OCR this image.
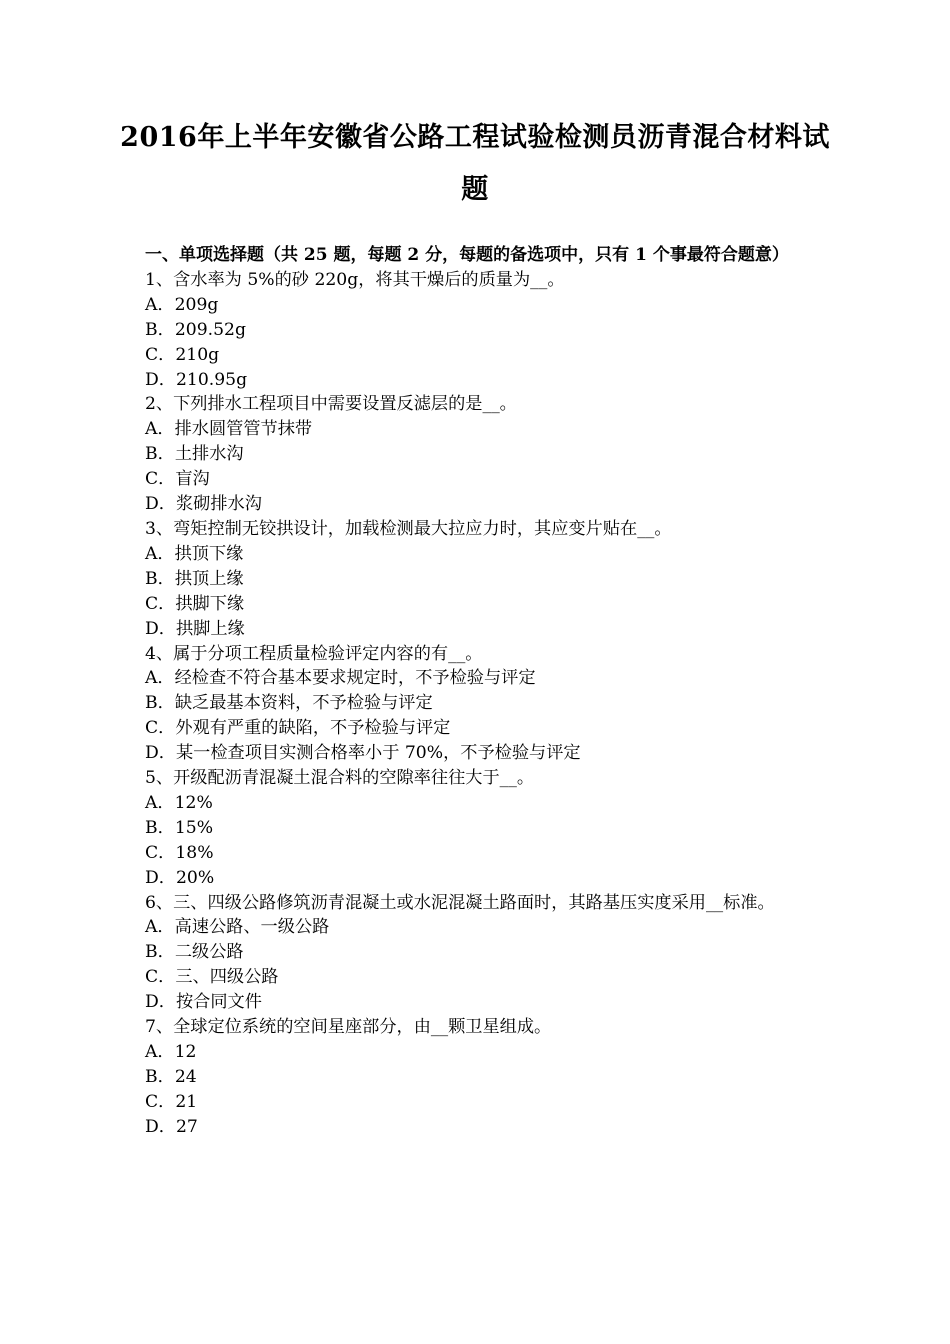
2016年上半年安徽省公路工程试验检测员沥青混合材料试题

一、单项选择题（共 25 题，每题 2 分，每题的备选项中，只有 1 个事最符合题意）

1、含水率为 5%的砂 220g，将其干燥后的质量为__。

A．209g

B．209.52g

C．210g

D．210.95g

2、下列排水工程项目中需要设置反滤层的是__。

A．排水圆管管节抹带

B．土排水沟

C．盲沟

D．浆砌排水沟

3、弯矩控制无铰拱设计，加载检测最大拉应力时，其应变片贴在__。

A．拱顶下缘

B．拱顶上缘

C．拱脚下缘

D．拱脚上缘

4、属于分项工程质量检验评定内容的有__。

A．经检查不符合基本要求规定时，不予检验与评定

B．缺乏最基本资料，不予检验与评定

C．外观有严重的缺陷，不予检验与评定

D．某一检查项目实测合格率小于 70%，不予检验与评定

5、开级配沥青混凝土混合料的空隙率往往大于__。

A．12%

B．15%

C．18%

D．20%

6、三、四级公路修筑沥青混凝土或水泥混凝土路面时，其路基压实度采用__标准。

A．高速公路、一级公路

B．二级公路

C．三、四级公路

D．按合同文件

7、全球定位系统的空间星座部分，由__颗卫星组成。

A．12

B．24

C．21

D．27
